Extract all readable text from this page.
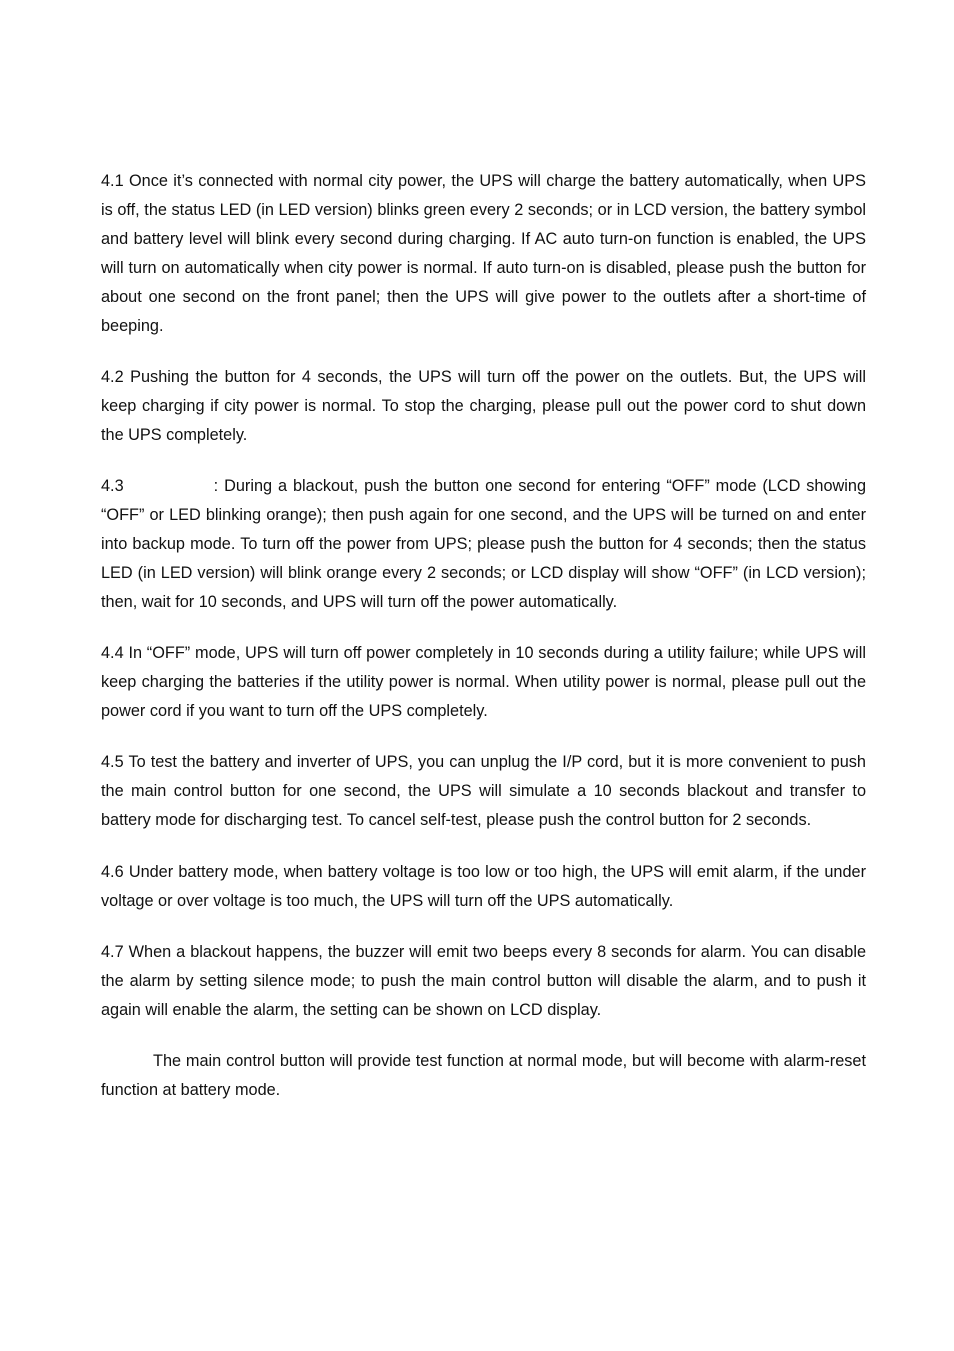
4.1 Once it’s connected with normal city power, the UPS will charge the battery automatically, when UPS is off, the status LED (in LED version) blinks green every 2 seconds; or in LCD version, the battery symbol and battery level will blink every second during charging. If AC auto turn-on function is enabled, the UPS will turn on automatically when city power is normal. If auto turn-on is disabled, please push the button for about one second on the front panel; then the UPS will give power to the outlets after a short-time of beeping.

4.2 Pushing the button for 4 seconds, the UPS will turn off the power on the outlets. But, the UPS will keep charging if city power is normal. To stop the charging, please pull out the power cord to shut down the UPS completely.

4.3	: During a blackout, push the button one second for entering “OFF” mode (LCD showing “OFF” or LED blinking orange); then push again for one second, and the UPS will be turned on and enter into backup mode. To turn off the power from UPS; please push the button for 4 seconds; then the status LED (in LED version) will blink orange every 2 seconds; or LCD display will show “OFF” (in LCD version); then, wait for 10 seconds, and UPS will turn off the power automatically.

4.4 In “OFF” mode, UPS will turn off power completely in 10 seconds during a utility failure; while UPS will keep charging the batteries if the utility power is normal. When utility power is normal, please pull out the power cord if you want to turn off the UPS completely.

4.5 To test the battery and inverter of UPS, you can unplug the I/P cord, but it is more convenient to push the main control button for one second, the UPS will simulate a 10 seconds blackout and transfer to battery mode for discharging test. To cancel self-test, please push the control button for 2 seconds.

4.6 Under battery mode, when battery voltage is too low or too high, the UPS will emit alarm, if the under voltage or over voltage is too much, the UPS will turn off the UPS automatically.

4.7 When a blackout happens, the buzzer will emit two beeps every 8 seconds for alarm. You can disable the alarm by setting silence mode; to push the main control button will disable the alarm, and to push it again will enable the alarm, the setting can be shown on LCD display.

The main control button will provide test function at normal mode, but will become with alarm-reset function at battery mode.
